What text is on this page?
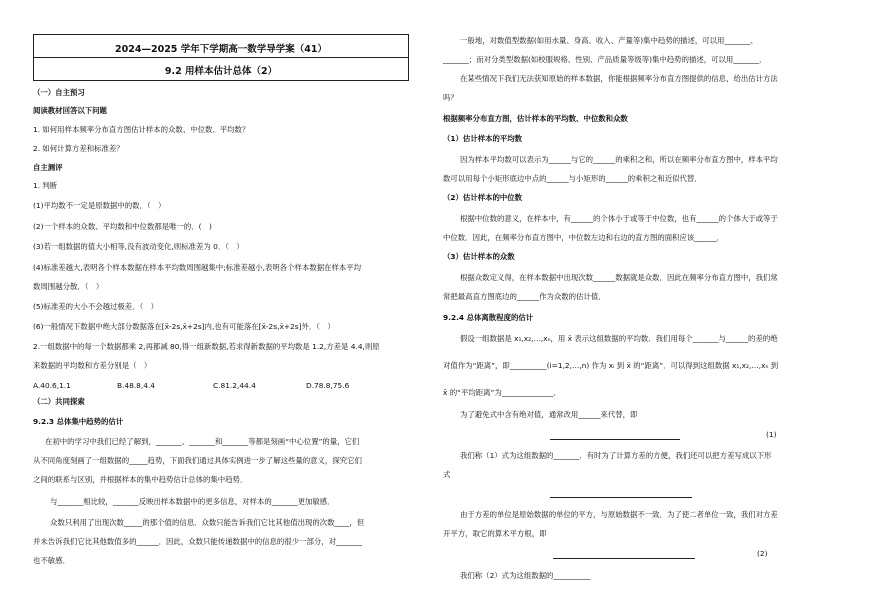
2024—2025 学年下学期高一数学导学案（41）
9.2 用样本估计总体（2）
（一）自主预习
阅读教材回答以下问题
1. 如何用样本频率分布直方图估计样本的众数、中位数、平均数？
2. 如何计算方差和标准差？
自主测评
1. 判断
(1)平均数不一定是原数据中的数．（　）
(2)一个样本的众数、平均数和中位数都是唯一的．(　)
(3)若一组数据的值大小相等,没有波动变化,则标准差为 0．（　）
(4)标准差越大,表明各个样本数据在样本平均数周围越集中;标准差越小,表明各个样本数据在样本平均
数周围越分散．（　）
(5)标准差的大小不会越过极差．（　）
(6)一般情况下数据中绝大部分数据落在[x̄-2s,x̄+2s]内,也有可能落在[x̄-2s,x̄+2s]外．（　）
2.一组数据中的每一个数据都乘 2,再都减 80,得一组新数据,若求得新数据的平均数是 1.2,方差是 4.4,则原
来数据的平均数和方差分别是（　）
A.40.6,1.1	B.48.8,4.4	C.81.2,44.4	D.78.8,75.6
（二）共同探索
9.2.3 总体集中趋势的估计
在初中的学习中我们已经了解到，_______、_______和_______等都是刻画“中心位置”的量，它们
从不同角度刻画了一组数据的_____趋势，下面我们通过具体实例进一步了解这些量的意义，探究它们
之间的联系与区别，并根据样本的集中趋势估计总体的集中趋势．
与_______相比较，_______反映出样本数据中的更多信息，对样本的_______更加敏感．
众数只利用了出现次数_____的那个值的信息．众数只能告诉我们它比其他值出现的次数____，但
并未告诉我们它比其他数值多的______．因此，众数只能传递数据中的信息的很少一部分，对_______
也不敏感．
一般地，对数值型数据(如用水量、身高、收入、产量等)集中趋势的描述，可以用_______、
_______；而对分类型数据(如校服规格、性别、产品质量等级等)集中趋势的描述，可以用_______．
在某些情况下我们无法获知原始的样本数据，你能根据频率分布直方图提供的信息，给出估计方法
吗？
根据频率分布直方图，估计样本的平均数、中位数和众数
（1）估计样本的平均数
因为样本平均数可以表示为______与它的______的乘积之和，所以在频率分布直方图中，样本平均
数可以用每个小矩形底边中点的______与小矩形的______的乘积之和近似代替．
（2）估计样本的中位数
根据中位数的意义，在样本中，有______的个体小于或等于中位数，也有______的个体大于或等于
中位数．因此，在频率分布直方图中，中位数左边和右边的直方图的面积应该______．
（3）估计样本的众数
根据众数定义得，在样本数据中出现次数______数据就是众数．因此在频率分布直方图中，我们常
常把最高直方图底边的______作为众数的估计值．
9.2.4 总体离散程度的估计
假设一组数据是 x₁,x₂,…,xₙ，用 x̄ 表示这组数据的平均数．我们用每个_______与______的差的绝
对值作为“距离”，即__________(i=1,2,…,n) 作为 xᵢ 到 x̄ 的“距离”．可以得到这组数据 x₁,x₂,…,xₙ 到
x̄ 的“平均距离”为______________．
为了避免式中含有绝对值，通常改用______来代替，即
(1)
我们称（1）式为这组数据的_______．有时为了计算方差的方便，我们还可以把方差写成以下形
式
由于方差的单位是原始数据的单位的平方，与原始数据不一致．为了使二者单位一致，我们对方差
开平方，取它的算术平方根，即
(2)
我们称（2）式为这组数据的__________
